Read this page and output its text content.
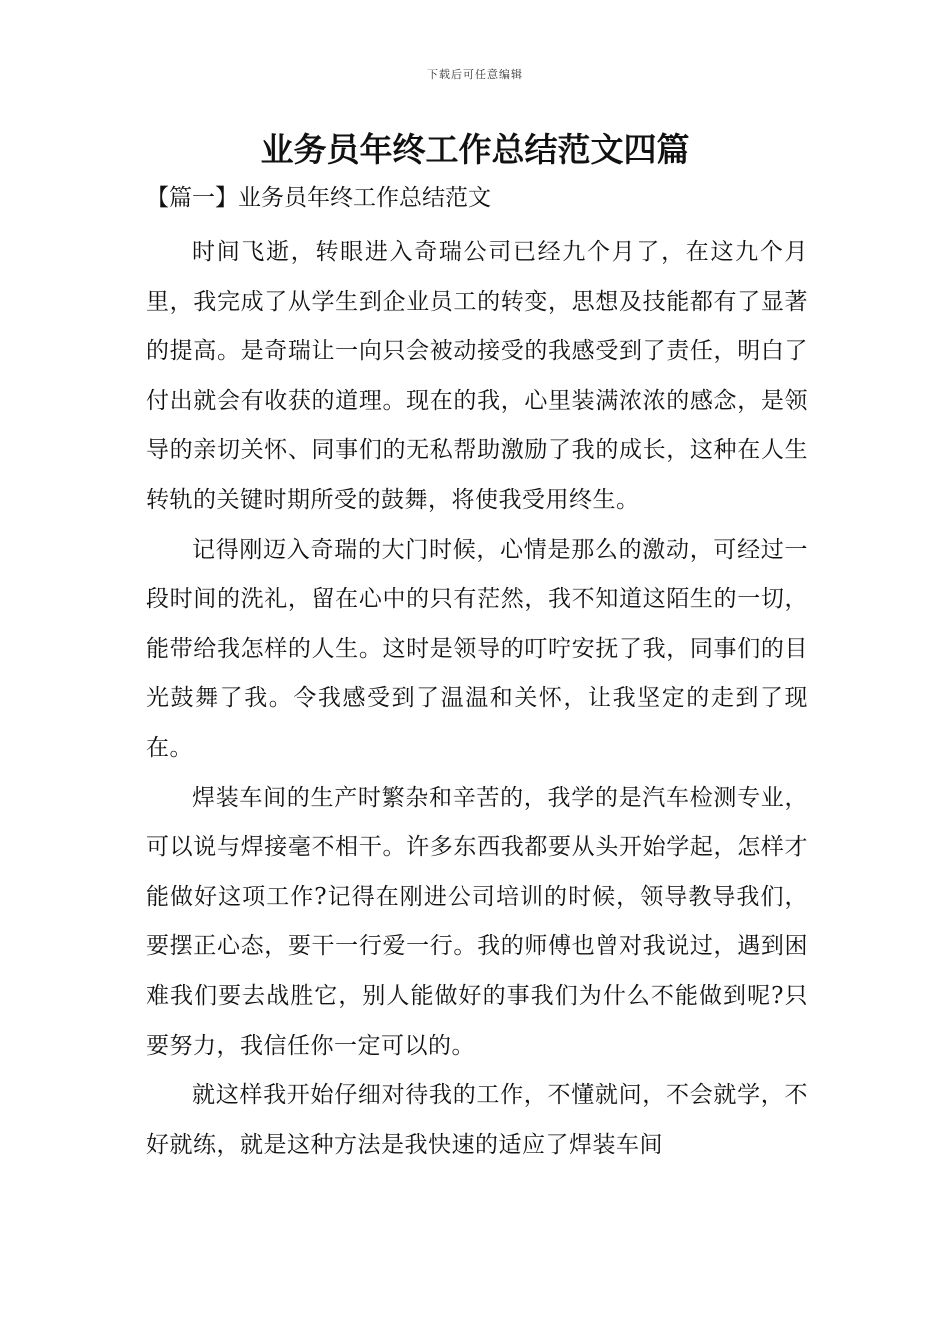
下载后可任意编辑
业务员年终工作总结范文四篇
【篇一】业务员年终工作总结范文

时间飞逝，转眼进入奇瑞公司已经九个月了，在这九个月里，我完成了从学生到企业员工的转变，思想及技能都有了显著的提高。是奇瑞让一向只会被动接受的我感受到了责任，明白了付出就会有收获的道理。现在的我，心里装满浓浓的感念，是领导的亲切关怀、同事们的无私帮助激励了我的成长，这种在人生转轨的关键时期所受的鼓舞，将使我受用终生。

记得刚迈入奇瑞的大门时候，心情是那么的激动，可经过一段时间的洗礼，留在心中的只有茫然，我不知道这陌生的一切，能带给我怎样的人生。这时是领导的叮咛安抚了我，同事们的目光鼓舞了我。令我感受到了温温和关怀，让我坚定的走到了现在。

焊装车间的生产时繁杂和辛苦的，我学的是汽车检测专业，可以说与焊接毫不相干。许多东西我都要从头开始学起，怎样才能做好这项工作?记得在刚进公司培训的时候，领导教导我们，要摆正心态，要干一行爱一行。我的师傅也曾对我说过，遇到困难我们要去战胜它，别人能做好的事我们为什么不能做到呢?只要努力，我信任你一定可以的。

就这样我开始仔细对待我的工作，不懂就问，不会就学，不好就练，就是这种方法是我快速的适应了焊装车间
